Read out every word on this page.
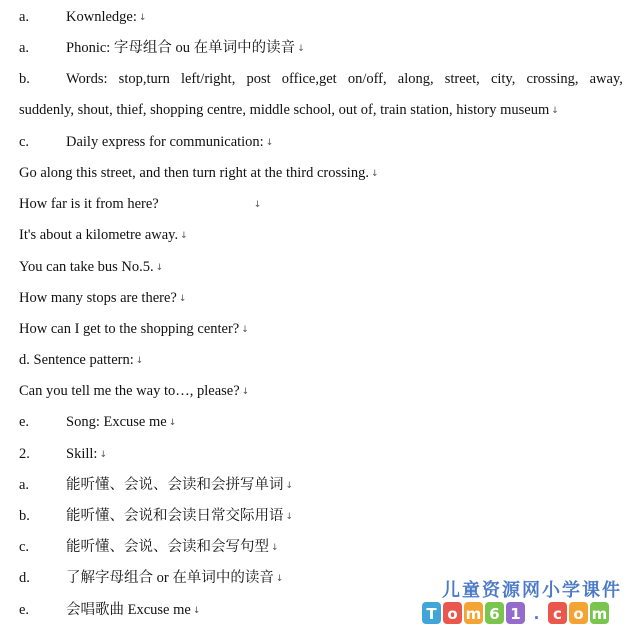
a.	Kownledge: ↓
a.	Phonic: 字母组合 ou 在单词中的读音 ↓
b. Words: stop,turn left/right, post office,get on/off, along, street, city, crossing, away,
suddenly, shout, thief, shopping centre, middle school, out of, train station, history museum ↓
c.	Daily express for communication: ↓
Go along this street, and then turn right at the third crossing. ↓
How far is it from here?	↓
It's about a kilometre away. ↓
You can take bus No.5. ↓
How many stops are there? ↓
How can I get to the shopping center? ↓
d. Sentence pattern: ↓
Can you tell me the way to…, please? ↓
e.	Song: Excuse me ↓
2. Skill: ↓
a.	能听懂、会说、会读和会拼写单词 ↓
b. 能听懂、会说和会读日常交际用语 ↓
c.	能听懂、会说、会读和会写句型 ↓
d. 了解字母组合 or 在单词中的读音 ↓
e.	会唱歌曲 Excuse me ↓
儿童资源网小学课件
T o m 6 1 . c o m
